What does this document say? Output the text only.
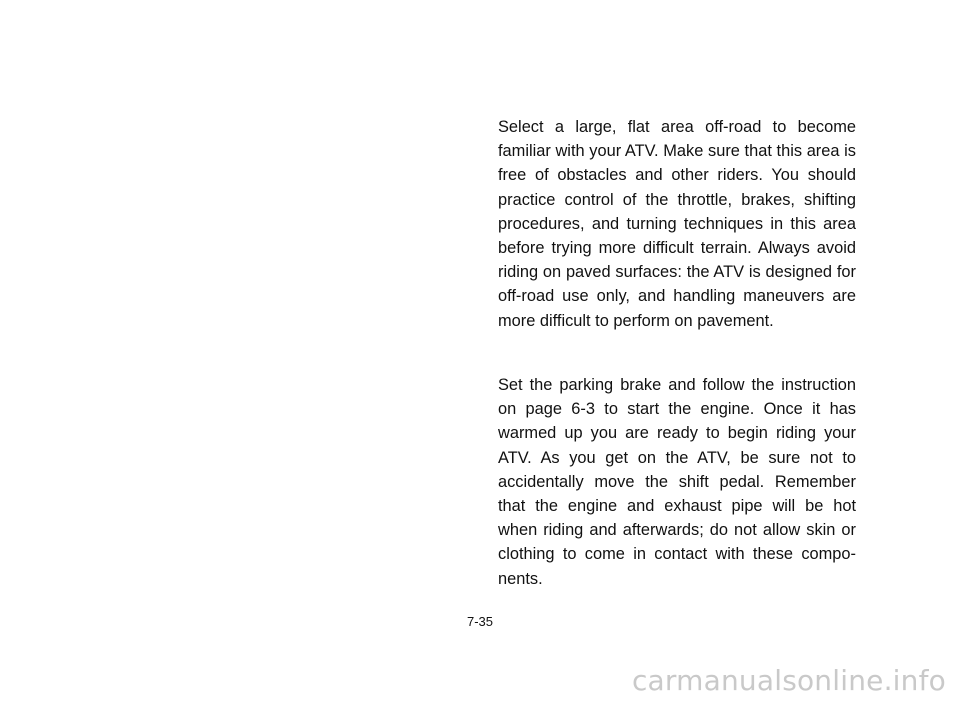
Select a large, flat area off-road to become familiar with your ATV. Make sure that this area is free of obstacles and other riders. You should practice control of the throttle, brakes, shifting procedures, and turning techniques in this area before trying more difficult terrain. Always avoid riding on paved surfaces: the ATV is designed for off-road use only, and handling maneuvers are more difficult to perform on pavement.

Set the parking brake and follow the instruction on page 6-3 to start the engine. Once it has warmed up you are ready to begin riding your ATV. As you get on the ATV, be sure not to accidentally move the shift pedal. Remember that the engine and exhaust pipe will be hot when riding and afterwards; do not allow skin or clothing to come in contact with these compo- nents.

7-35
carmanualsonline.info
